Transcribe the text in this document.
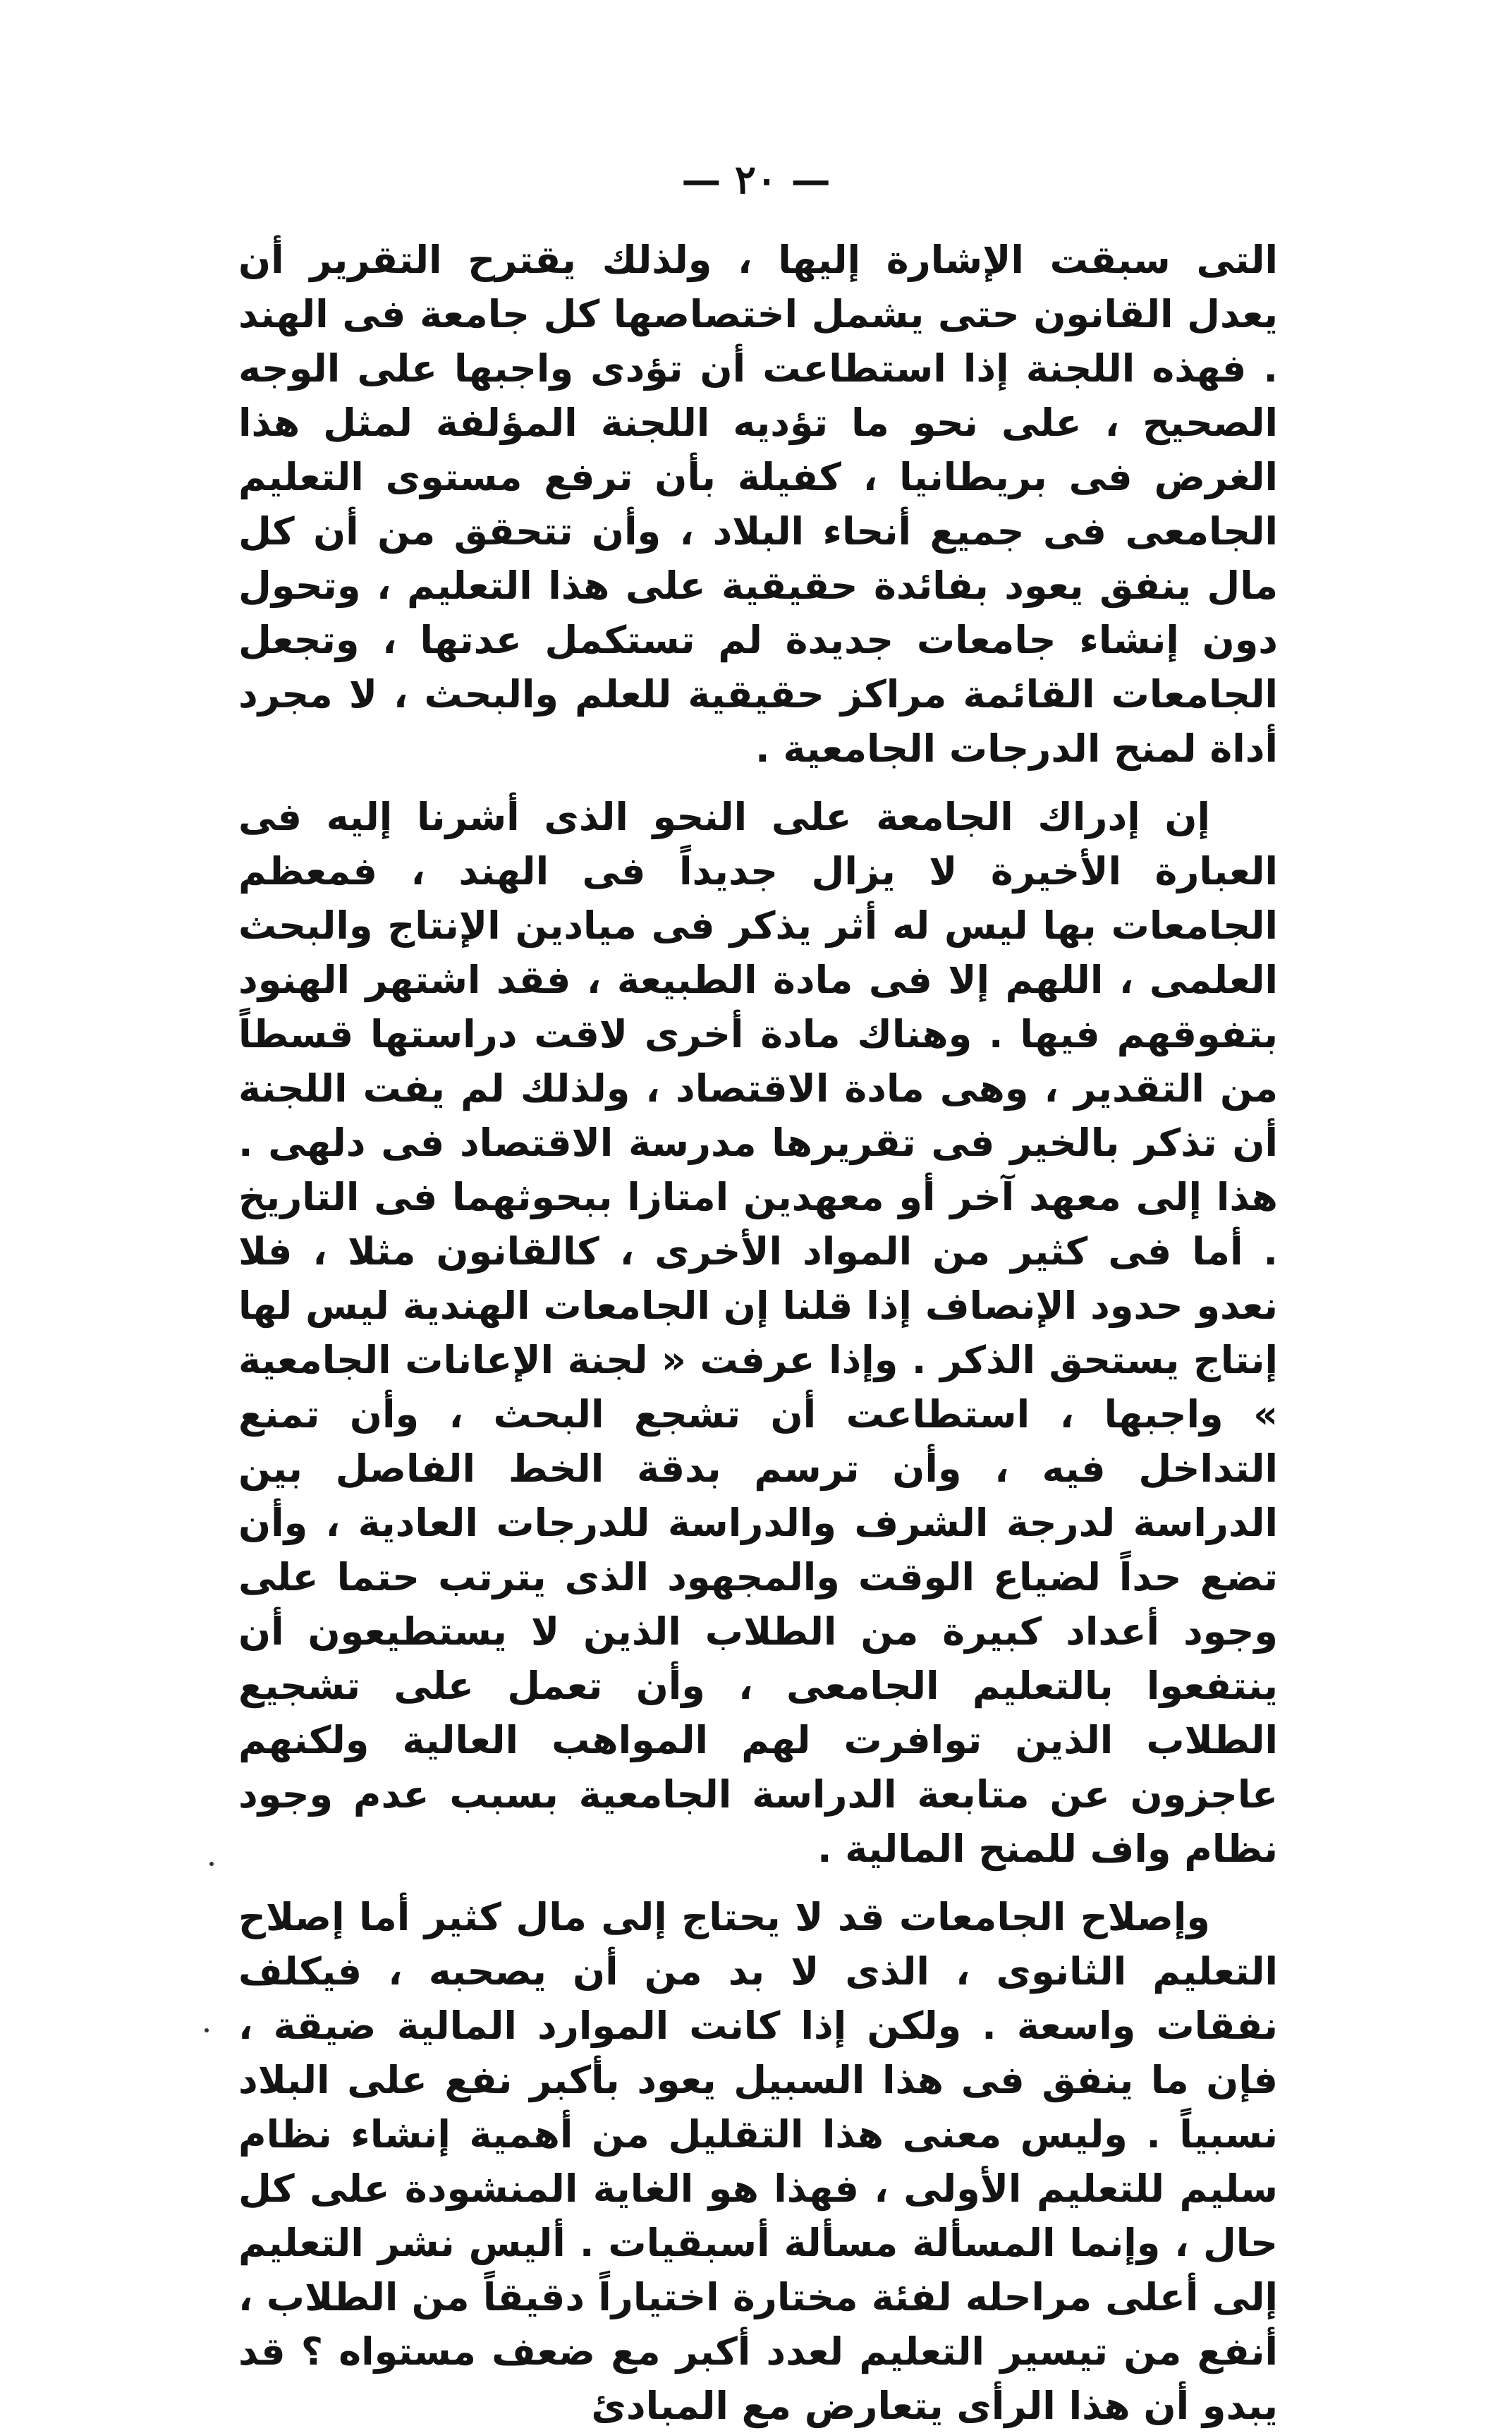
— ٢٠ —

التى سبقت الإشارة إليها ، ولذلك يقترح التقرير أن يعدل القانون حتى يشمل اختصاصها كل جامعة فى الهند . فهذه اللجنة إذا استطاعت أن تؤدى واجبها على الوجه الصحيح ، على نحو ما تؤديه اللجنة المؤلفة لمثل هذا الغرض فى بريطانيا ، كفيلة بأن ترفع مستوى التعليم الجامعى فى جميع أنحاء البلاد ، وأن تتحقق من أن كل مال ينفق يعود بفائدة حقيقية على هذا التعليم ، وتحول دون إنشاء جامعات جديدة لم تستكمل عدتها ، وتجعل الجامعات القائمة مراكز حقيقية للعلم والبحث ، لا مجرد أداة لمنح الدرجات الجامعية .

إن إدراك الجامعة على النحو الذى أشرنا إليه فى العبارة الأخيرة لا يزال جديداً فى الهند ، فمعظم الجامعات بها ليس له أثر يذكر فى ميادين الإنتاج والبحث العلمى ، اللهم إلا فى مادة الطبيعة ، فقد اشتهر الهنود بتفوقهم فيها . وهناك مادة أخرى لاقت دراستها قسطاً من التقدير ، وهى مادة الاقتصاد ، ولذلك لم يفت اللجنة أن تذكر بالخير فى تقريرها مدرسة الاقتصاد فى دلهى . هذا إلى معهد آخر أو معهدين امتازا ببحوثهما فى التاريخ . أما فى كثير من المواد الأخرى ، كالقانون مثلا ، فلا نعدو حدود الإنصاف إذا قلنا إن الجامعات الهندية ليس لها إنتاج يستحق الذكر . وإذا عرفت « لجنة الإعانات الجامعية » واجبها ، استطاعت أن تشجع البحث ، وأن تمنع التداخل فيه ، وأن ترسم بدقة الخط الفاصل بين الدراسة لدرجة الشرف والدراسة للدرجات العادية ، وأن تضع حداً لضياع الوقت والمجهود الذى يترتب حتما على وجود أعداد كبيرة من الطلاب الذين لا يستطيعون أن ينتفعوا بالتعليم الجامعى ، وأن تعمل على تشجيع الطلاب الذين توافرت لهم المواهب العالية ولكنهم عاجزون عن متابعة الدراسة الجامعية بسبب عدم وجود نظام واف للمنح المالية .

وإصلاح الجامعات قد لا يحتاج إلى مال كثير أما إصلاح التعليم الثانوى ، الذى لا بد من أن يصحبه ، فيكلف نفقات واسعة . ولكن إذا كانت الموارد المالية ضيقة ، فإن ما ينفق فى هذا السبيل يعود بأكبر نفع على البلاد نسبياً . وليس معنى هذا التقليل من أهمية إنشاء نظام سليم للتعليم الأولى ، فهذا هو الغاية المنشودة على كل حال ، وإنما المسألة مسألة أسبقيات . أليس نشر التعليم إلى أعلى مراحله لفئة مختارة اختياراً دقيقاً من الطلاب ، أنفع من تيسير التعليم لعدد أكبر مع ضعف مستواه ؟ قد يبدو أن هذا الرأى يتعارض مع المبادئ
